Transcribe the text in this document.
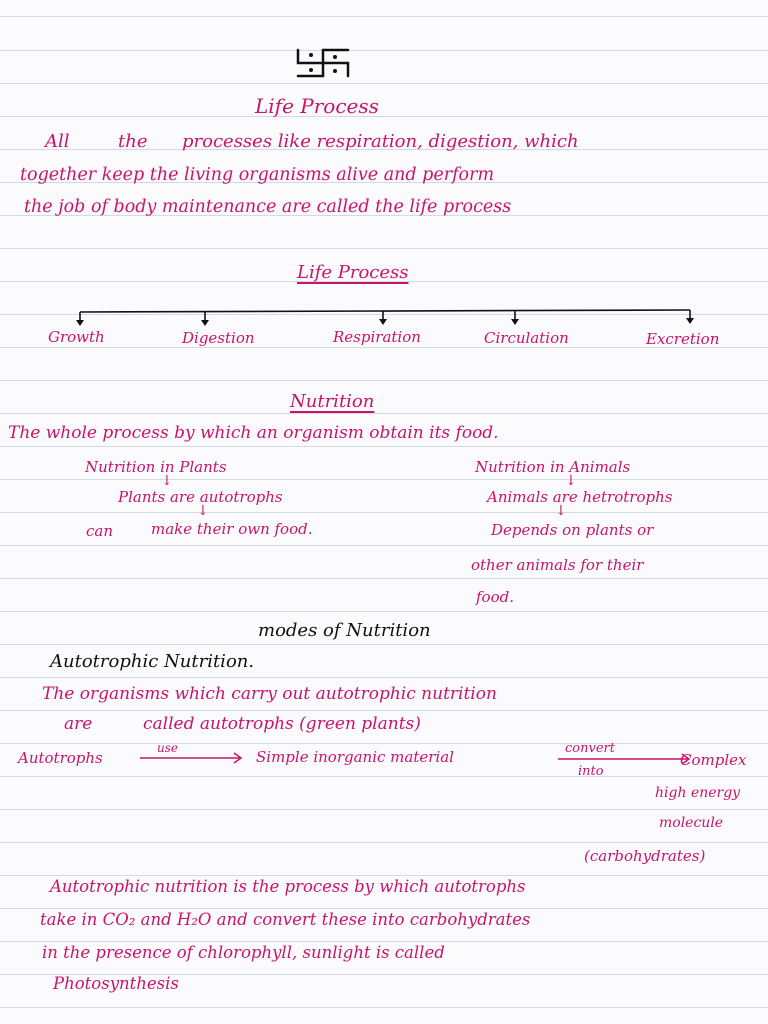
Life Process
All	the processes like respiration, digestion, which
together keep the living organisms alive and perform
the job of body maintenance are called the life process
Life Process
Growth	Digestion	Respiration	Circulation	Excretion
Nutrition
The whole process by which an organism obtain its food.
Nutrition in Plants
↓
Plants are autotrophs
↓
can	make their own food.
Nutrition in Animals
↓
Animals are hetrotrophs
↓
Depends on plants or
other animals for their
food.
modes of Nutrition
Autotrophic Nutrition.
The organisms which carry out autotrophic nutrition
are	called autotrophs (green plants)
Autotrophs
use	Simple inorganic material	convert
into
Complex
high energy
molecule
(carbohydrates)
Autotrophic nutrition is the process by which autotrophs
take in CO₂ and H₂O and convert these into carbohydrates
in the presence of chlorophyll, sunlight is called
Photosynthesis
